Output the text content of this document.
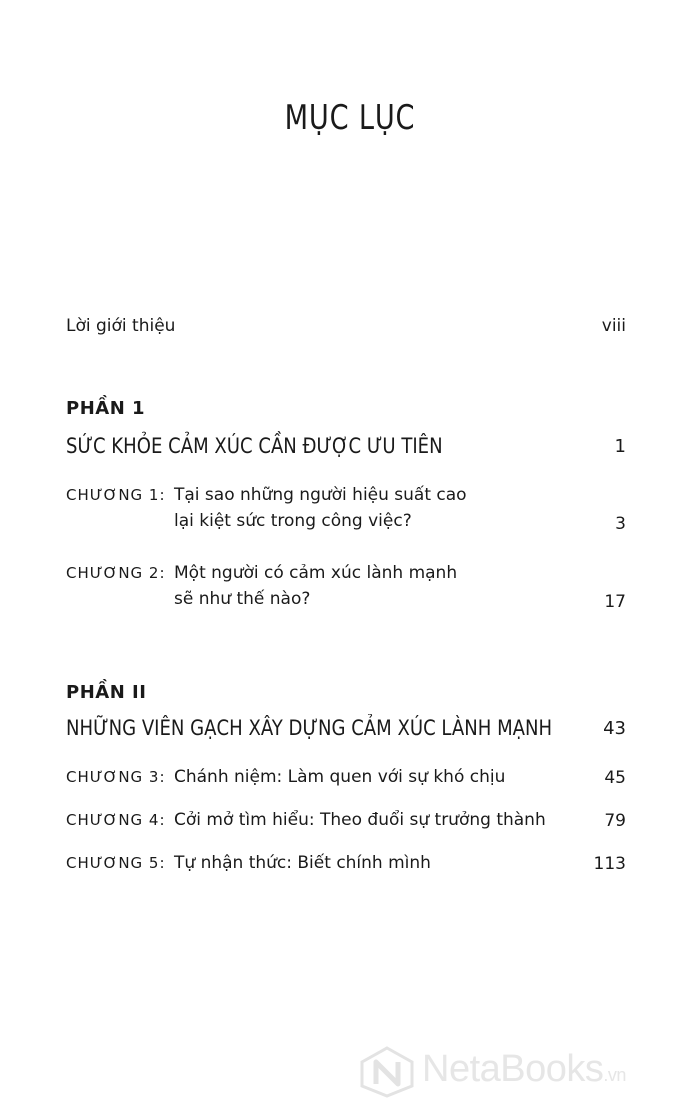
MỤC LỤC
Lời giới thiệu	viii
PHẦN 1
SỨC KHỎE CẢM XÚC CẦN ĐƯỢC ƯU TIÊN	1
CHƯƠNG 1: Tại sao những người hiệu suất cao
lại kiệt sức trong công việc?	3
CHƯƠNG 2: Một người có cảm xúc lành mạnh
sẽ như thế nào?	17
PHẦN II
NHỮNG VIÊN GẠCH XÂY DỰNG CẢM XÚC LÀNH MẠNH	43
CHƯƠNG 3: Chánh niệm: Làm quen với sự khó chịu	45
CHƯƠNG 4: Cởi mở tìm hiểu: Theo đuổi sự trưởng thành	79
CHƯƠNG 5: Tự nhận thức: Biết chính mình	113
NetaBooks.vn
